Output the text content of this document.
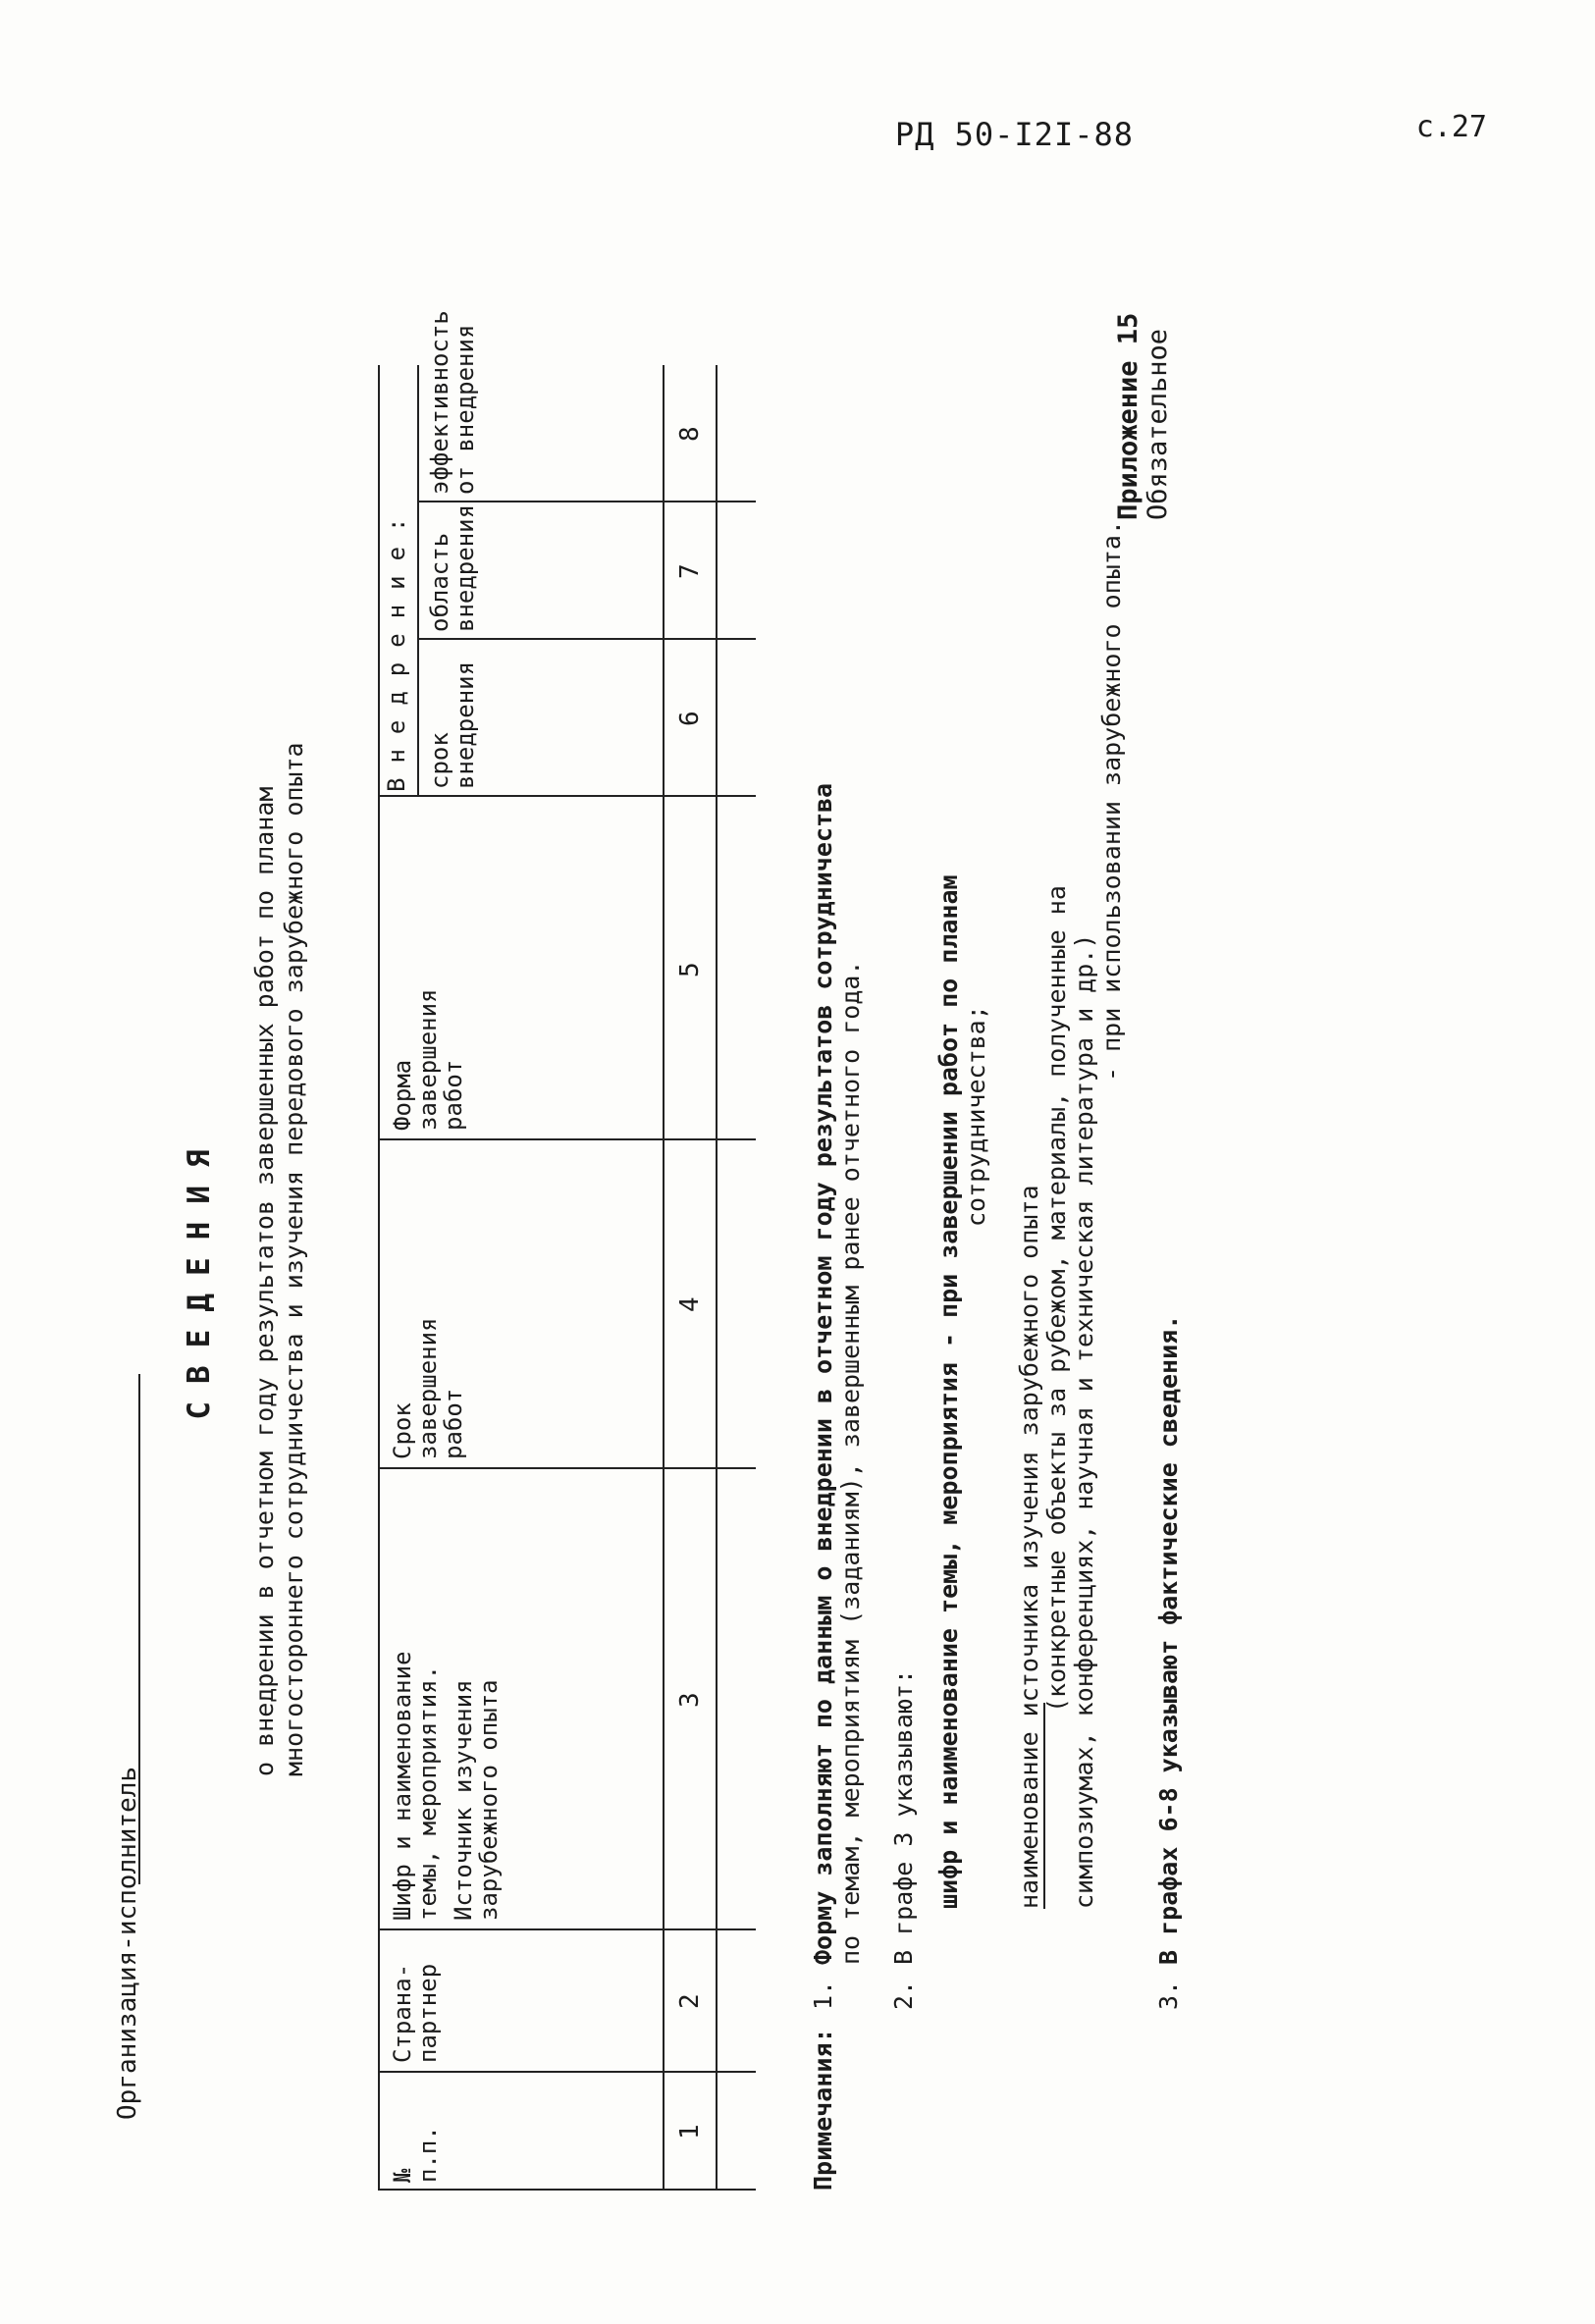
РД 50-I2I-88	с.27
Приложение 15 Обязательное
Организация-исполнитель
СВЕДЕНИЯ о внедрении в отчетном году результатов завершенных работ по планам многостороннего сотрудничества и изучения передового зарубежного опыта
Внедрение:
№
п.п.
Страна-
партнер
Шифр и наименование
темы, мероприятия. Источник изучения
зарубежного опыта
Срок
завершения
работ
Форма
завершения
работ
срок
внедрения
область
внедрения
эффективность
от внедрения
1
2
3
4
5
6
7
8
Примечания:
1.
Форму заполняют по данным о внедрении в отчетном году результатов сотрудничества по темам, мероприятиям (заданиям), завершенным ранее отчетного года.
2.
В графе 3 указывают: шифр и наименование темы, мероприятия - при завершении работ по планам сотрудничества;
наименование источника изучения зарубежного опыта (конкретные объекты за рубежом, материалы, полученные на симпозиумах, конференциях, научная и техническая литература и др.)
- при использовании зарубежного опыта.
3.
В графах 6-8 указывают фактические сведения.
